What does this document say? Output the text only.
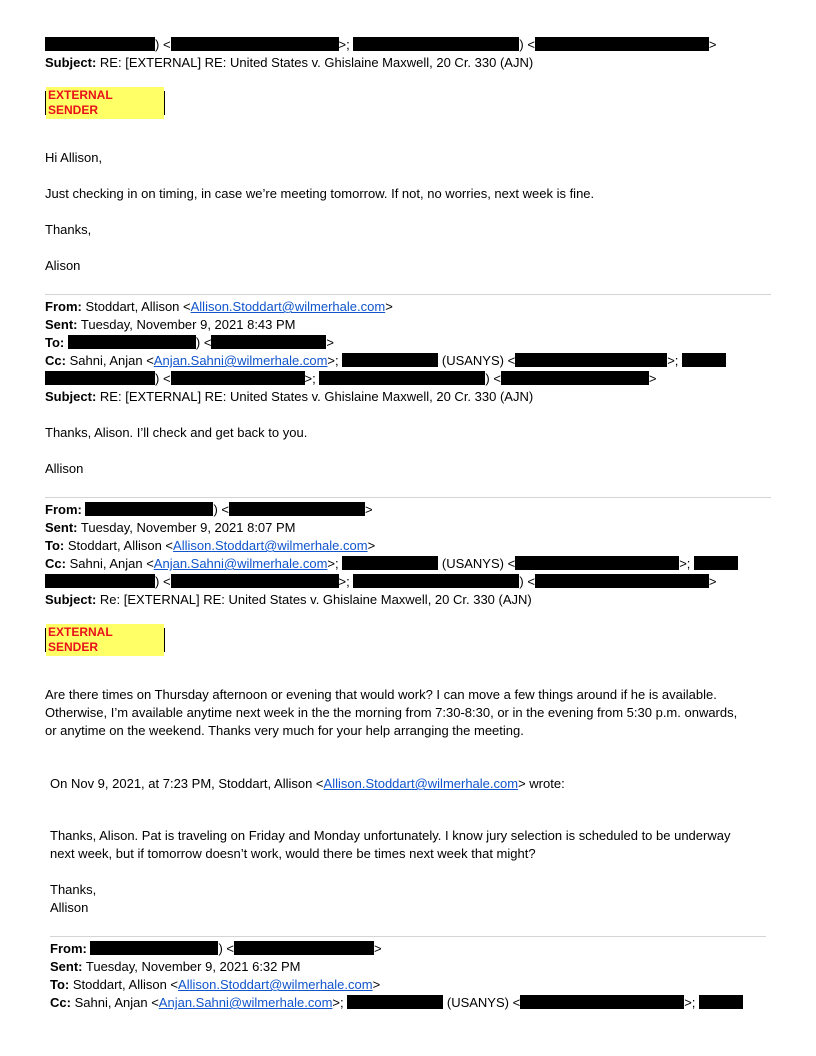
) <	>;	) <	>
Subject: RE: [EXTERNAL] RE: United States v. Ghislaine Maxwell, 20 Cr. 330 (AJN)
EXTERNAL SENDER
Hi Allison,
Just checking in on timing, in case we’re meeting tomorrow. If not, no worries, next week is fine.
Thanks,
Alison
From: Stoddart, Allison <Allison.Stoddart@wilmerhale.com>
Sent: Tuesday, November 9, 2021 8:43 PM
To:	) <	>
Cc: Sahni, Anjan <Anjan.Sahni@wilmerhale.com>;	(USANYS) <	>;
) <	>;	) <	>
Subject: RE: [EXTERNAL] RE: United States v. Ghislaine Maxwell, 20 Cr. 330 (AJN)
Thanks, Alison. I’ll check and get back to you.
Allison
From:	) <	>
Sent: Tuesday, November 9, 2021 8:07 PM
To: Stoddart, Allison <Allison.Stoddart@wilmerhale.com>
Cc: Sahni, Anjan <Anjan.Sahni@wilmerhale.com>;	(USANYS) <	>;
) <	>;	) <	>
Subject: Re: [EXTERNAL] RE: United States v. Ghislaine Maxwell, 20 Cr. 330 (AJN)
EXTERNAL SENDER
Are there times on Thursday afternoon or evening that would work? I can move a few things around if he is available.
Otherwise, I’m available anytime next week in the the morning from 7:30-8:30, or in the evening from 5:30 p.m. onwards,
or anytime on the weekend. Thanks very much for your help arranging the meeting.
On Nov 9, 2021, at 7:23 PM, Stoddart, Allison <Allison.Stoddart@wilmerhale.com> wrote:
Thanks, Alison. Pat is traveling on Friday and Monday unfortunately. I know jury selection is scheduled to be underway
next week, but if tomorrow doesn’t work, would there be times next week that might?
Thanks,
Allison
From:	) <	>
Sent: Tuesday, November 9, 2021 6:32 PM
To: Stoddart, Allison <Allison.Stoddart@wilmerhale.com>
Cc: Sahni, Anjan <Anjan.Sahni@wilmerhale.com>;	(USANYS) <	>;
